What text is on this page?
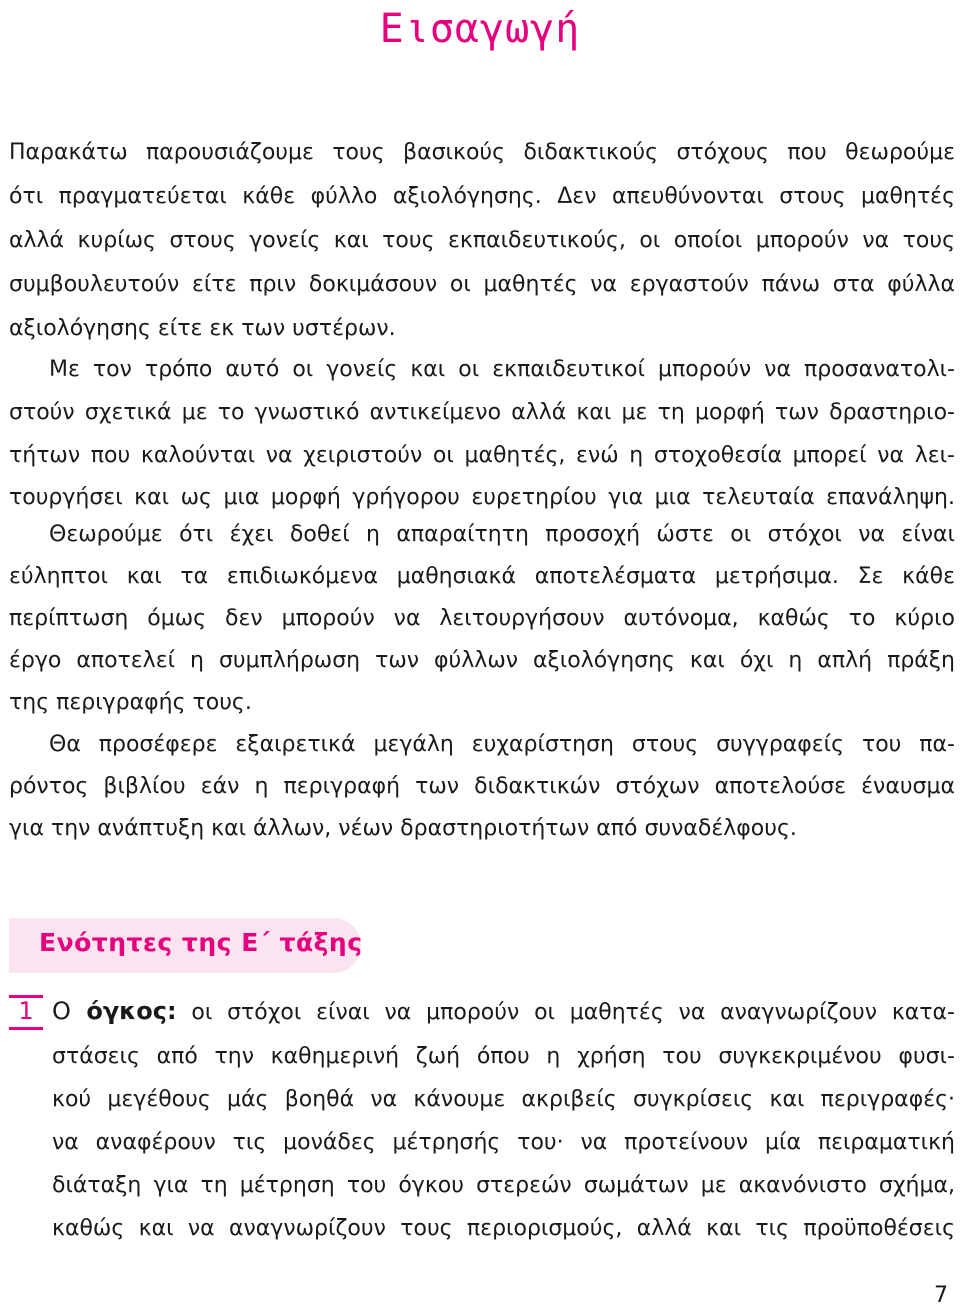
Εισαγωγή

Παρακάτω παρουσιάζουμε τους βασικούς διδακτικούς στόχους που θεωρούμε

ότι πραγματεύεται κάθε φύλλο αξιολόγησης. Δεν απευθύνονται στους μαθητές

αλλά κυρίως στους γονείς και τους εκπαιδευτικούς, οι οποίοι μπορούν να τους

συμβουλευτούν είτε πριν δοκιμάσουν οι μαθητές να εργαστούν πάνω στα φύλλα

αξιολόγησης είτε εκ των υστέρων.

Με τον τρόπο αυτό οι γονείς και οι εκπαιδευτικοί μπορούν να προσανατολι-

στούν σχετικά με το γνωστικό αντικείμενο αλλά και με τη μορφή των δραστηριο-

τήτων που καλούνται να χειριστούν οι μαθητές, ενώ η στοχοθεσία μπορεί να λει-

τουργήσει και ως μια μορφή γρήγορου ευρετηρίου για μια τελευταία επανάληψη.

Θεωρούμε ότι έχει δοθεί η απαραίτητη προσοχή ώστε οι στόχοι να είναι

εύληπτοι και τα επιδιωκόμενα μαθησιακά αποτελέσματα μετρήσιμα. Σε κάθε

περίπτωση όμως δεν μπορούν να λειτουργήσουν αυτόνομα, καθώς το κύριο

έργο αποτελεί η συμπλήρωση των φύλλων αξιολόγησης και όχι η απλή πράξη

της περιγραφής τους.

Θα προσέφερε εξαιρετικά μεγάλη ευχαρίστηση στους συγγραφείς του πα-

ρόντος βιβλίου εάν η περιγραφή των διδακτικών στόχων αποτελούσε έναυσμα

για την ανάπτυξη και άλλων, νέων δραστηριοτήτων από συναδέλφους.

Ενότητες της Ε΄ τάξης

1 Ο όγκος: οι στόχοι είναι να μπορούν οι μαθητές να αναγνωρίζουν κατα-

στάσεις από την καθημερινή ζωή όπου η χρήση του συγκεκριμένου φυσι-

κού μεγέθους μάς βοηθά να κάνουμε ακριβείς συγκρίσεις και περιγραφές·

να αναφέρουν τις μονάδες μέτρησής του· να προτείνουν μία πειραματική

διάταξη για τη μέτρηση του όγκου στερεών σωμάτων με ακανόνιστο σχήμα,

καθώς και να αναγνωρίζουν τους περιορισμούς, αλλά και τις προϋποθέσεις

7
